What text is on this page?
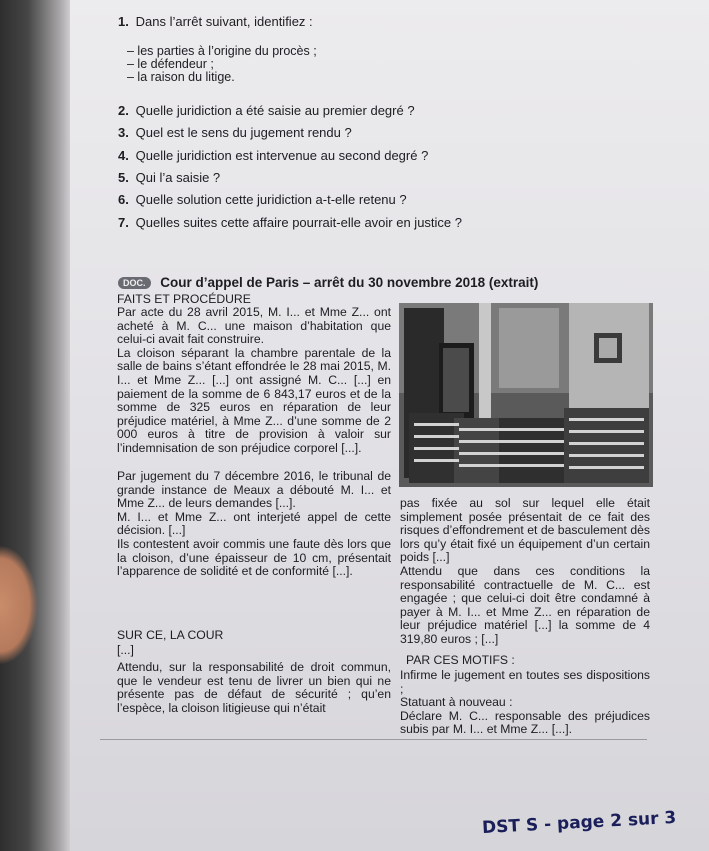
1. Dans l’arrêt suivant, identifiez :
– les parties à l’origine du procès ;
– le défendeur ;
– la raison du litige.
2. Quelle juridiction a été saisie au premier degré ?
3. Quel est le sens du jugement rendu ?
4. Quelle juridiction est intervenue au second degré ?
5. Qui l’a saisie ?
6. Quelle solution cette juridiction a-t-elle retenu ?
7. Quelles suites cette affaire pourrait-elle avoir en justice ?
DOC. Cour d’appel de Paris – arrêt du 30 novembre 2018 (extrait)
FAITS ET PROCÉDURE

Par acte du 28 avril 2015, M. I... et Mme Z... ont acheté à M. C... une maison d’habitation que celui-ci avait fait construire.

La cloison séparant la chambre parentale de la salle de bains s’étant effondrée le 28 mai 2015, M. I... et Mme Z... [...] ont assigné M. C... [...] en paiement de la somme de 6 843,17 euros et de la somme de 325 euros en réparation de leur préjudice matériel, à Mme Z... d’une somme de 2 000 euros à titre de provision à valoir sur l’indemnisation de son préjudice corporel [...].

Par jugement du 7 décembre 2016, le tribunal de grande instance de Meaux a débouté M. I... et Mme Z... de leurs demandes [...].

M. I... et Mme Z... ont interjeté appel de cette décision. [...]

Ils contestent avoir commis une faute dès lors que la cloison, d’une épaisseur de 10 cm, présentait l’apparence de solidité et de conformité [...].

SUR CE, LA COUR
[...]

Attendu, sur la responsabilité de droit commun, que le vendeur est tenu de livrer un bien qui ne présente pas de défaut de sécurité ; qu’en l’espèce, la cloison litigieuse qui n’était

pas fixée au sol sur lequel elle était simplement posée présentait de ce fait des risques d’effondrement et de basculement dès lors qu’y était fixé un équipement d’un certain poids [...]

Attendu que dans ces conditions la responsabilité contractuelle de M. C... est engagée ; que celui-ci doit être condamné à payer à M. I... et Mme Z... en réparation de leur préjudice matériel [...] la somme de 4 319,80 euros ; [...]

PAR CES MOTIFS :

Infirme le jugement en toutes ses dispositions ;

Statuant à nouveau :

Déclare M. C... responsable des préjudices subis par M. I... et Mme Z... [...].

DST S - page 2 sur 3
